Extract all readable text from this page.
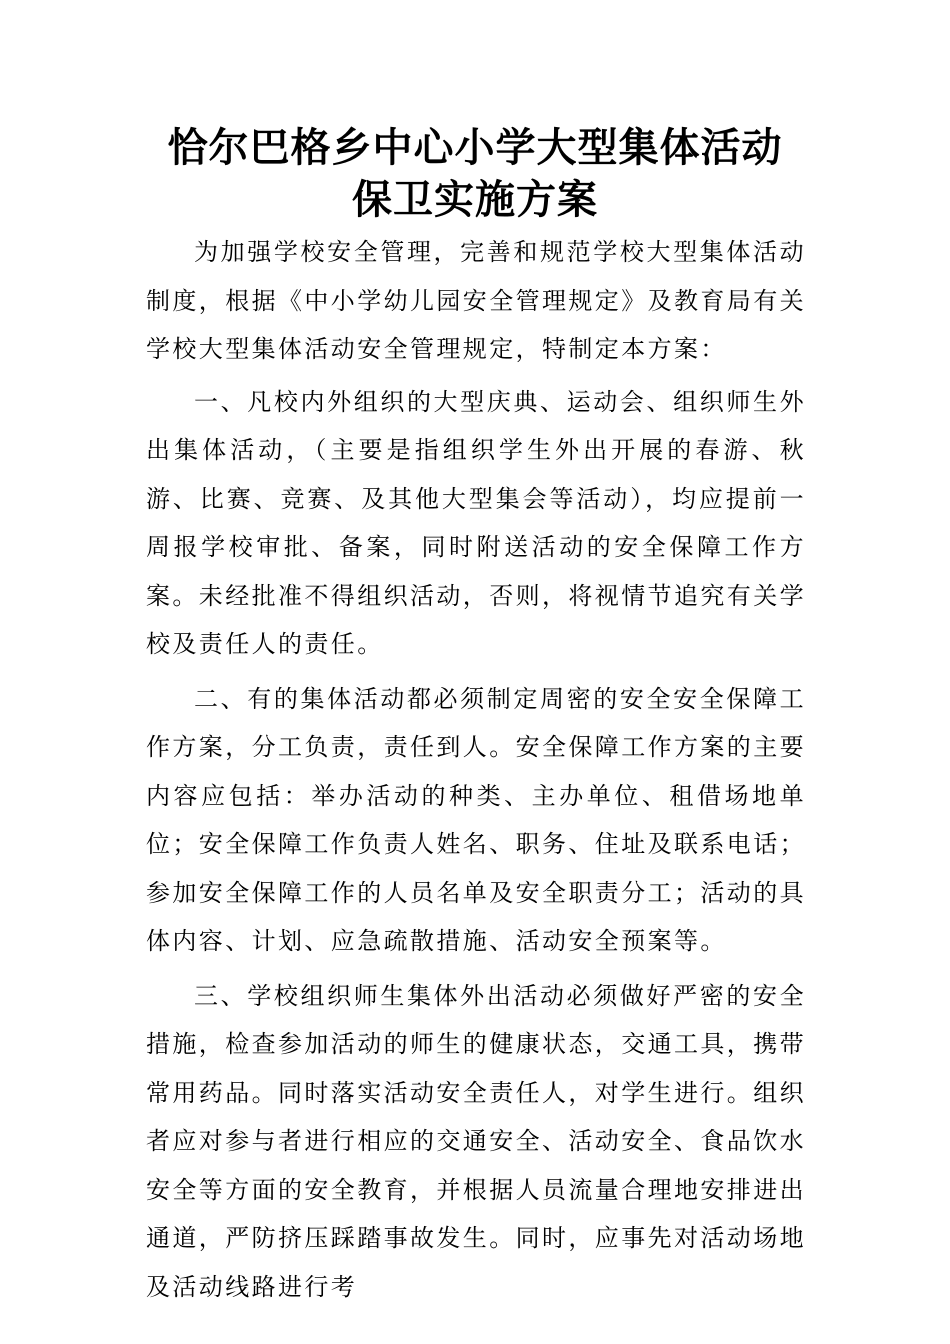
恰尔巴格乡中心小学大型集体活动
保卫实施方案

为加强学校安全管理，完善和规范学校大型集体活动制度，根据《中小学幼儿园安全管理规定》及教育局有关学校大型集体活动安全管理规定，特制定本方案：

一、凡校内外组织的大型庆典、运动会、组织师生外出集体活动，（主要是指组织学生外出开展的春游、秋游、比赛、竞赛、及其他大型集会等活动），均应提前一周报学校审批、备案，同时附送活动的安全保障工作方案。未经批准不得组织活动，否则，将视情节追究有关学校及责任人的责任。

二、有的集体活动都必须制定周密的安全安全保障工作方案，分工负责，责任到人。安全保障工作方案的主要内容应包括：举办活动的种类、主办单位、租借场地单位；安全保障工作负责人姓名、职务、住址及联系电话；参加安全保障工作的人员名单及安全职责分工；活动的具体内容、计划、应急疏散措施、活动安全预案等。

三、学校组织师生集体外出活动必须做好严密的安全措施，检查参加活动的师生的健康状态，交通工具，携带常用药品。同时落实活动安全责任人，对学生进行。组织者应对参与者进行相应的交通安全、活动安全、食品饮水安全等方面的安全教育，并根据人员流量合理地安排进出通道，严防挤压踩踏事故发生。同时，应事先对活动场地及活动线路进行考
